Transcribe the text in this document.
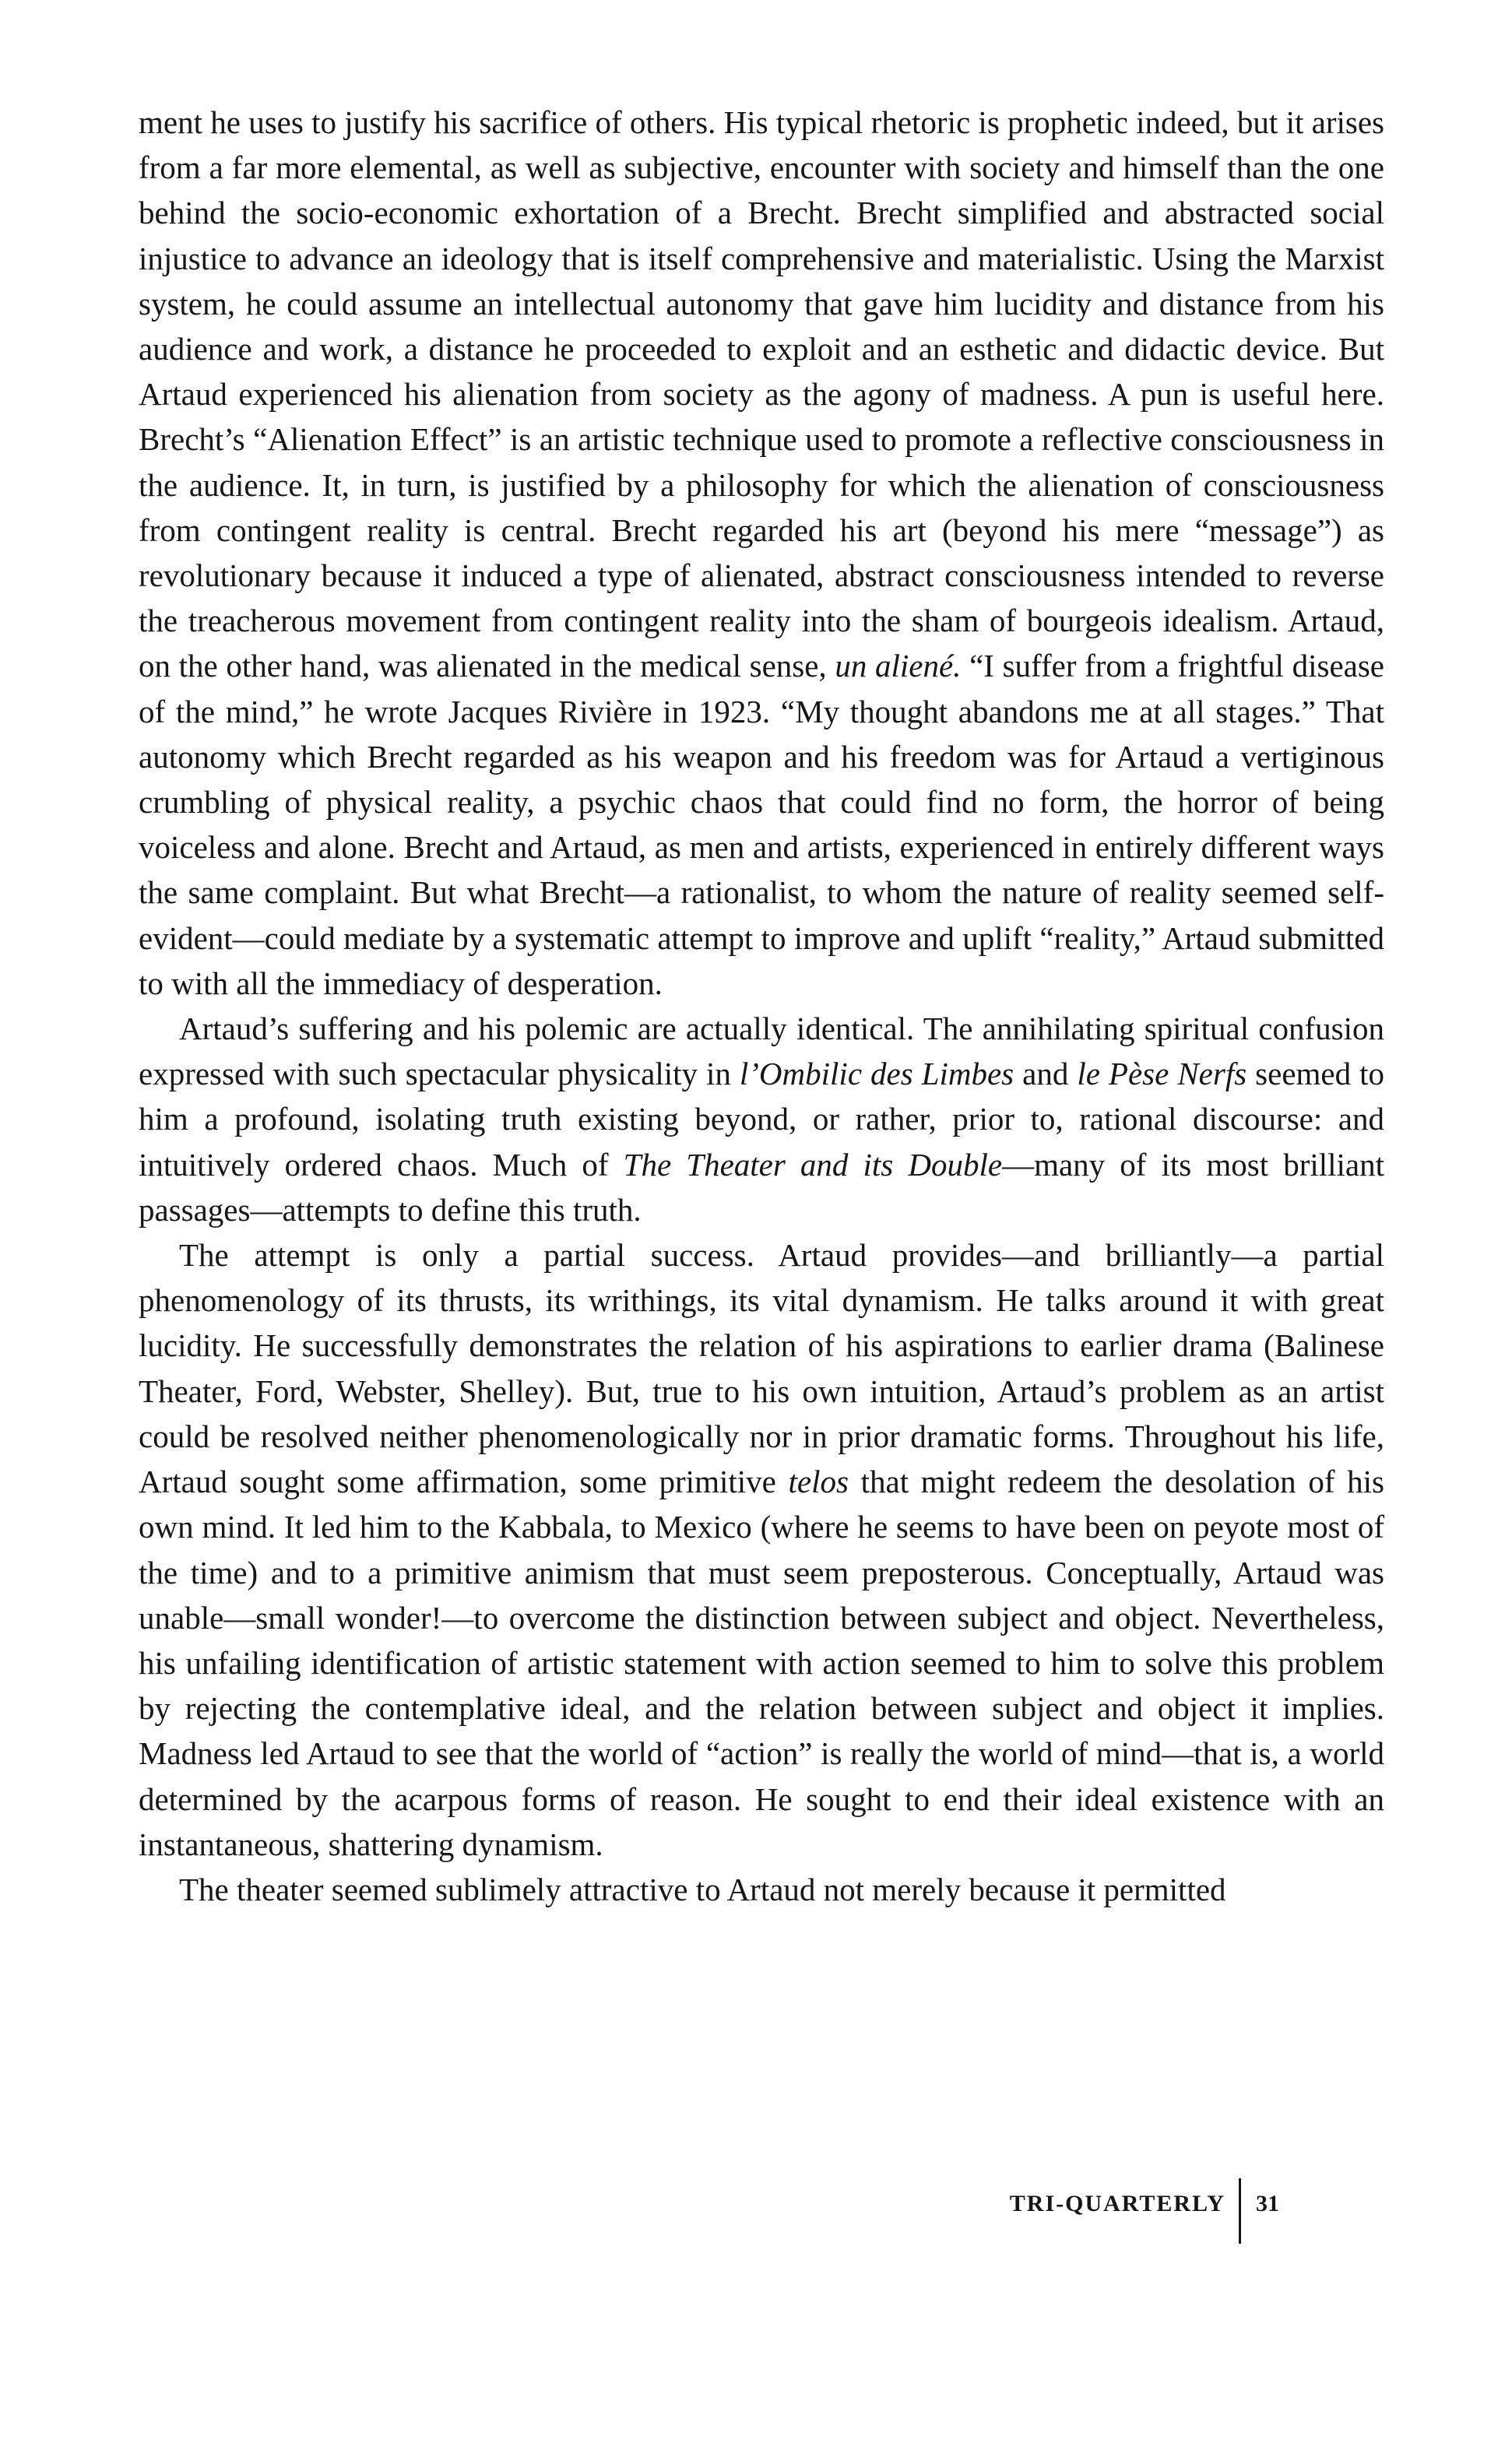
ment he uses to justify his sacrifice of others. His typical rhetoric is prophetic indeed, but it arises from a far more elemental, as well as subjective, encounter with society and himself than the one behind the socio-economic exhortation of a Brecht. Brecht simplified and abstracted social injustice to advance an ideology that is itself comprehensive and materialistic. Using the Marxist system, he could assume an intellectual autonomy that gave him lucidity and distance from his audience and work, a distance he proceeded to exploit and an esthetic and didactic device. But Artaud experienced his alienation from society as the agony of madness. A pun is useful here. Brecht’s “Alienation Effect” is an artistic technique used to promote a reflective consciousness in the audience. It, in turn, is justified by a philosophy for which the alienation of consciousness from contingent reality is central. Brecht regarded his art (beyond his mere “message”) as revolutionary because it induced a type of alienated, abstract consciousness intended to reverse the treacherous movement from contingent reality into the sham of bourgeois idealism. Artaud, on the other hand, was alienated in the medical sense, un aliené. “I suffer from a frightful disease of the mind,” he wrote Jacques Rivière in 1923. “My thought abandons me at all stages.” That autonomy which Brecht regarded as his weapon and his freedom was for Artaud a vertiginous crumbling of physical reality, a psychic chaos that could find no form, the horror of being voiceless and alone. Brecht and Artaud, as men and artists, experienced in entirely different ways the same complaint. But what Brecht—a rationalist, to whom the nature of reality seemed self-evident—could mediate by a systematic attempt to improve and uplift “reality,” Artaud submitted to with all the immediacy of desperation.

Artaud’s suffering and his polemic are actually identical. The annihilating spiritual confusion expressed with such spectacular physicality in l’Ombilic des Limbes and le Pèse Nerfs seemed to him a profound, isolating truth existing beyond, or rather, prior to, rational discourse: and intuitively ordered chaos. Much of The Theater and its Double—many of its most brilliant passages—attempts to define this truth.

The attempt is only a partial success. Artaud provides—and brilliantly—a partial phenomenology of its thrusts, its writhings, its vital dynamism. He talks around it with great lucidity. He successfully demonstrates the relation of his aspirations to earlier drama (Balinese Theater, Ford, Webster, Shelley). But, true to his own intuition, Artaud’s problem as an artist could be resolved neither phenomenologically nor in prior dramatic forms. Throughout his life, Artaud sought some affirmation, some primitive telos that might redeem the desolation of his own mind. It led him to the Kabbala, to Mexico (where he seems to have been on peyote most of the time) and to a primitive animism that must seem preposterous. Conceptually, Artaud was unable—small wonder!—to overcome the distinction between subject and object. Nevertheless, his unfailing identification of artistic statement with action seemed to him to solve this problem by rejecting the contemplative ideal, and the relation between subject and object it implies. Madness led Artaud to see that the world of “action” is really the world of mind—that is, a world determined by the acarpous forms of reason. He sought to end their ideal existence with an instantaneous, shattering dynamism.

The theater seemed sublimely attractive to Artaud not merely because it permitted

TRI-QUARTERLY 31
